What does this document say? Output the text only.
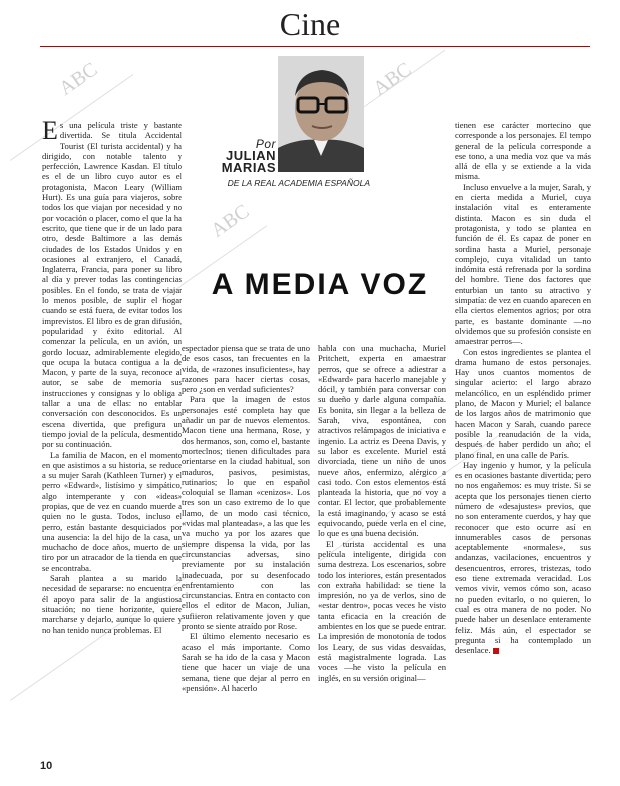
Cine
ABC	ABC
ABC
Por
JULIAN
MARIAS
DE LA REAL ACADEMIA ESPAÑOLA
A MEDIA VOZ

Es una película triste y bastante divertida. Se titula Accidental Tourist (El turista accidental) y ha dirigido, con notable talento y perfección, Lawrence Kasdan. El título es el de un libro cuyo autor es el protagonista, Macon Leary (William Hurt). Es una guía para viajeros, sobre todos los que viajan por necesidad y no por vocación o placer, como el que la ha escrito, que tiene que ir de un lado para otro, desde Baltimore a las demás ciudades de los Estados Unidos y en ocasiones al extranjero, el Canadá, Inglaterra, Francia, para poner su libro al día y prever todas las contingencias posibles. En el fondo, se trata de viajar lo menos posible, de suplir el hogar cuando se está fuera, de evitar todos los imprevistos. El libro es de gran difusión, popularidad y éxito editorial. Al comenzar la película, en un avión, un gordo locuaz, admirablemente elegido, que ocupa la butaca contigua a la de Macon, y parte de la suya, reconoce al autor, se sabe de memoria sus instrucciones y consignas y lo obliga a tallar a una de ellas: no entablar conversación con desconocidos. Es un escena divertida, que prefigura un tiempo jovial de la película, desmentido por su continuación.

La familia de Macon, en el momento en que asistimos a su historia, se reduce a su mujer Sarah (Kathleen Turner) y el perro «Edward», listísimo y simpático, algo intemperante y con «ideas» propias, que de vez en cuando muerde a quien no le gusta. Todos, incluso el perro, están bastante desquiciados por una ausencia: la del hijo de la casa, un muchacho de doce años, muerto de un tiro por un atracador de la tienda en que se encontraba.

Sarah plantea a su marido la necesidad de separarse: no encuentra en él apoyo para salir de la angustiosa situación; no tiene horizonte, quiere marcharse y dejarlo, aunque lo quiere y no han tenido nunca problemas. El

espectador piensa que se trata de uno de esos casos, tan frecuentes en la vida, de «razones insuficientes», hay razones para hacer ciertas cosas, pero ¿son en verdad suficientes?

Para que la imagen de estos personajes esté completa hay que añadir un par de nuevos elementos. Macon tiene una hermana, Rose, y dos hermanos, son, como el, bastante morteclnos; tienen dificultades para orientarse en la ciudad habitual, son maduros, pasivos, pesimistas, rutinarios; lo que en español coloquial se llaman «cenizos». Los tres son un caso extremo de lo que llamo, de un modo casi técnico, «vidas mal planteadas», a las que les va mucho ya por los azares que siempre dispensa la vida, por las circunstancias adversas, sino previamente por su instalación inadecuada, por su desenfocado enfrentamiento con las circunstancias. Entra en contacto con ellos el editor de Macon, Julian, sufiieron relativamente joven y que pronto se siente atraído por Rose.

El último elemento necesario es acaso el más importante. Como Sarah se ha ido de la casa y Macon tiene que hacer un viaje de una semana, tiene que dejar al perro en «pensión». Al hacerlo

habla con una muchacha, Muriel Pritchett, experta en amaestrar perros, que se ofrece a adiestrar a «Edward» para hacerlo manejable y dócil, y también para conversar con su dueño y darle alguna compañía. Es bonita, sin llegar a la belleza de Sarah, viva, espontánea, con atractivos relámpagos de iniciativa e ingenio. La actriz es Deena Davis, y su labor es excelente. Muriel está divorciada, tiene un niño de unos nueve años, enfermizo, alérgico a casi todo. Con estos elementos está planteada la historia, que no voy a contar. El lector, que probablemente la está imaginando, y acaso se está equivocando, puede verla en el cine, lo que es una buena decisión.

El turista accidental es una película inteligente, dirigida con suma destreza. Los escenarios, sobre todo los interiores, están presentados con extraña habilidad: se tiene la impresión, no ya de verlos, sino de «estar dentro», pocas veces he visto tanta eficacia en la creación de ambientes en los que se puede entrar. La impresión de monotonía de todos los Leary, de sus vidas desvaídas, está magistralmente lograda. Las voces —he visto la película en inglés, en su versión original—

tienen ese carácter mortecino que corresponde a los personajes. El tempo general de la película corresponde a ese tono, a una media voz que va más allá de ella y se extiende a la vida misma.

Incluso envuelve a la mujer, Sarah, y en cierta medida a Muriel, cuya instalación vital es enteramente distinta. Macon es sin duda el protagonista, y todo se plantea en función de él. Es capaz de poner en sordina hasta a Muriel, personaje complejo, cuya vitalidad un tanto indómita está refrenada por la sordina del hombre. Tiene dos factores que enturbian un tanto su atractivo y simpatía: de vez en cuando aparecen en ella ciertos elementos agrios; por otra parte, es bastante dominante —no olvidemos que su profesión consiste en amaestrar perros—.

Con estos ingredientes se plantea el drama humano de estos personajes. Hay unos cuantos momentos de singular acierto: el largo abrazo melancólico, en un espléndido primer plano, de Macon y Muriel; el balance de los largos años de matrimonio que hacen Macon y Sarah, cuando parece posible la reanudación de la vida, después de haber perdido un año; el plano final, en una calle de París.

Hay ingenio y humor, y la película es en ocasiones bastante divertida; pero no nos engañemos: es muy triste. Si se acepta que los personajes tienen cierto número de «desajustes» previos, que no son enteramente cuerdos, y hay que reconocer que esto ocurre así en innumerables casos de personas aceptablemente «normales», sus andanzas, vacilaciones, encuentros y desencuentros, errores, tristezas, todo eso tiene extremada veracidad. Los vemos vivir, vemos cómo son, acaso no pueden evitarlo, o no quieren, lo cual es otra manera de no poder. No puede haber un desenlace enteramente feliz. Más aún, el espectador se pregunta si ha contemplado un desenlace.

10
